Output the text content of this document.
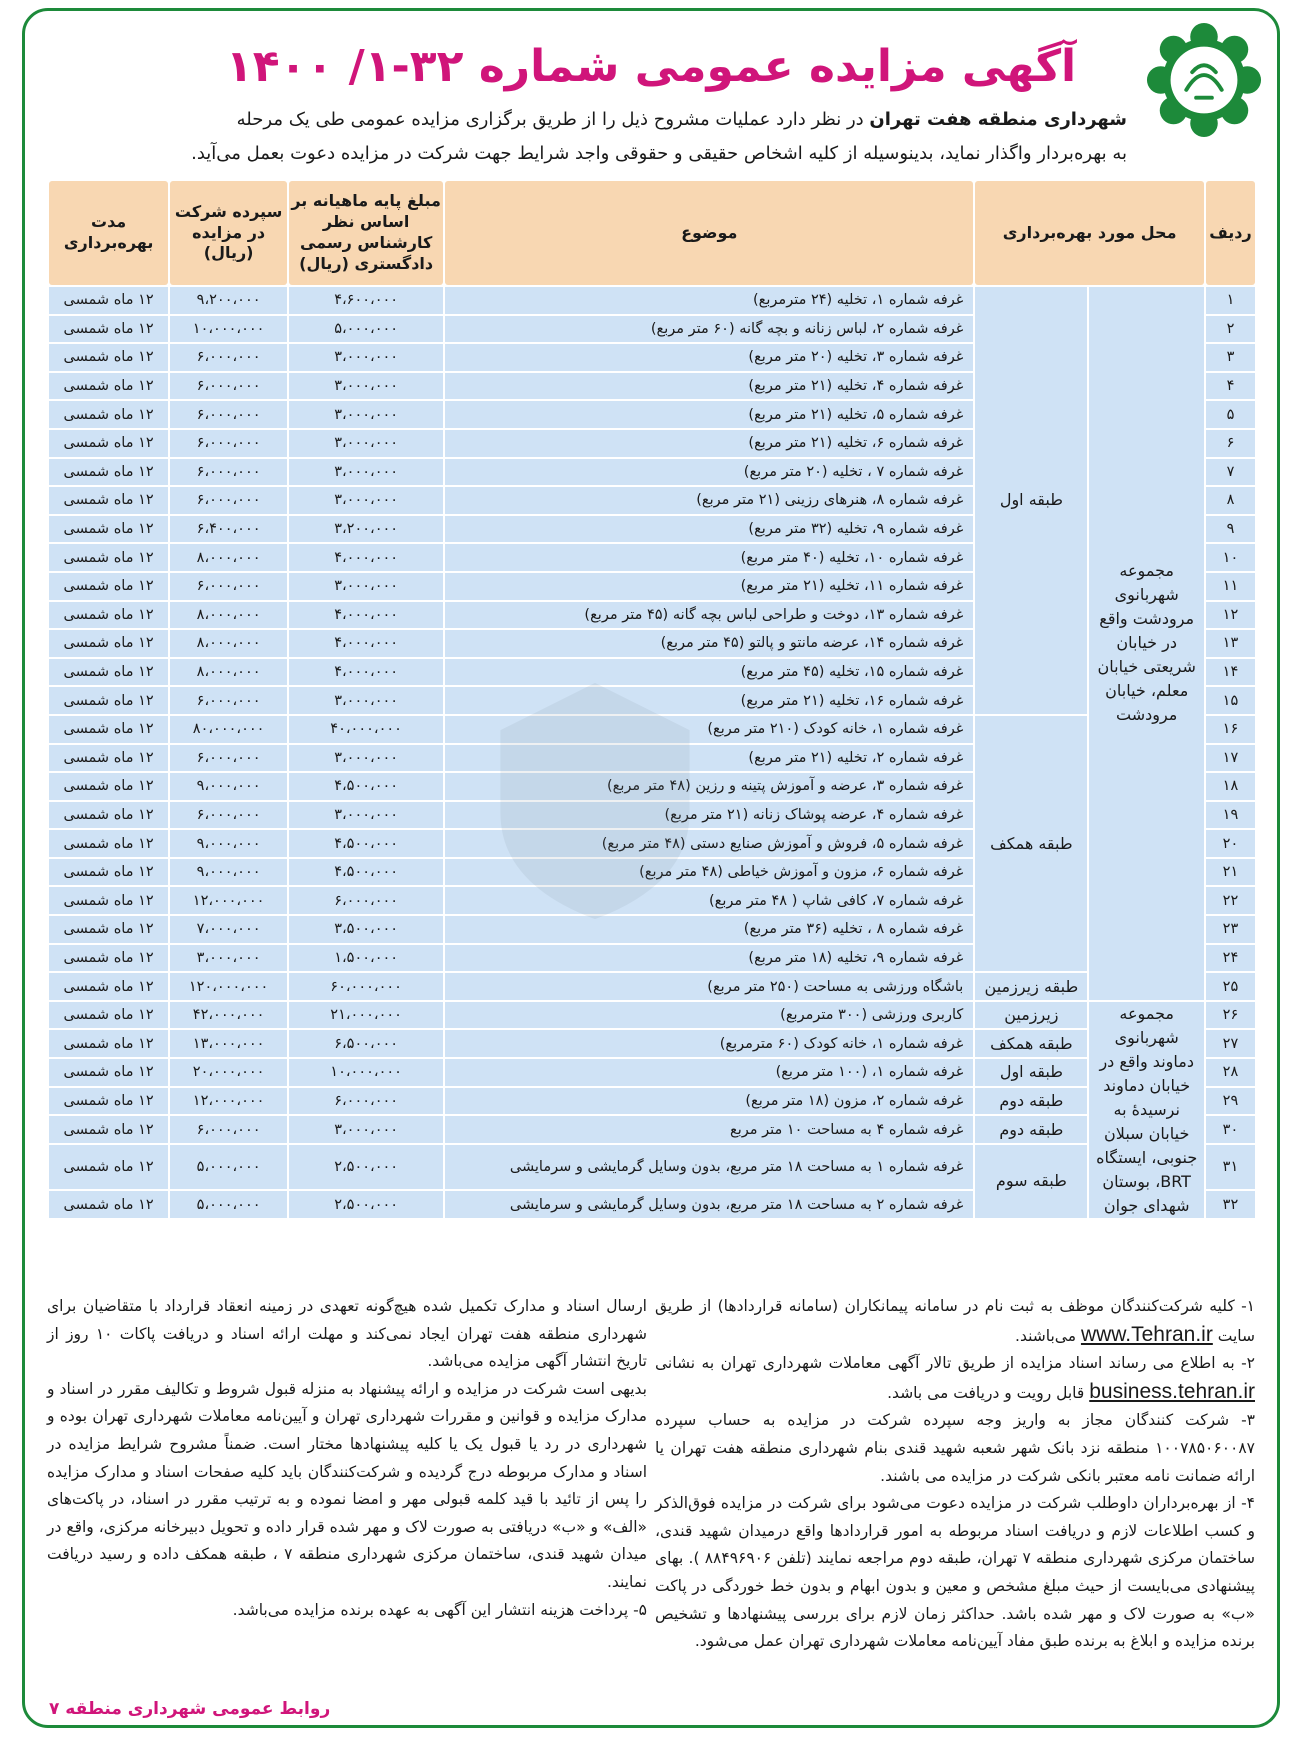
آگهی مزایده عمومی شماره ۳۲-۱/ ۱۴۰۰
شهرداری منطقه هفت تهران در نظر دارد عملیات مشروح ذیل را از طریق برگزاری مزایده عمومی طی یک مرحله
به بهره‌بردار واگذار نماید، بدینوسیله از کلیه اشخاص حقیقی و حقوقی واجد شرایط جهت شرکت در مزایده دعوت بعمل می‌آید.
ردیف	محل مورد بهره‌برداری		موضوع	مبلغ پایه ماهیانه بر اساس نظر کارشناس رسمی دادگستری (ریال)	سپرده شرکت در مزایده (ریال)	مدت بهره‌برداری
۱	مجموعه شهربانوی مرودشت واقع در خیابان شریعتی خیابان معلم، خیابان مرودشت	طبقه اول	غرفه شماره ۱، تخلیه (۲۴ مترمربع)	۴،۶۰۰،۰۰۰	۹،۲۰۰،۰۰۰	۱۲ ماه شمسی
۲			غرفه شماره ۲، لباس زنانه و بچه گانه (۶۰ متر مربع)	۵،۰۰۰،۰۰۰	۱۰،۰۰۰،۰۰۰	۱۲ ماه شمسی
۳			غرفه شماره ۳، تخلیه (۲۰ متر مربع)	۳،۰۰۰،۰۰۰	۶،۰۰۰،۰۰۰	۱۲ ماه شمسی
۴			غرفه شماره ۴، تخلیه (۲۱ متر مربع)	۳،۰۰۰،۰۰۰	۶،۰۰۰،۰۰۰	۱۲ ماه شمسی
۵			غرفه شماره ۵، تخلیه (۲۱ متر مربع)	۳،۰۰۰،۰۰۰	۶،۰۰۰،۰۰۰	۱۲ ماه شمسی
۶			غرفه شماره ۶، تخلیه (۲۱ متر مربع)	۳،۰۰۰،۰۰۰	۶،۰۰۰،۰۰۰	۱۲ ماه شمسی
۷			غرفه شماره ۷ ، تخلیه (۲۰ متر مربع)	۳،۰۰۰،۰۰۰	۶،۰۰۰،۰۰۰	۱۲ ماه شمسی
۸			غرفه شماره ۸، هنرهای رزینی (۲۱ متر مربع)	۳،۰۰۰،۰۰۰	۶،۰۰۰،۰۰۰	۱۲ ماه شمسی
۹			غرفه شماره ۹، تخلیه (۳۲ متر مربع)	۳،۲۰۰،۰۰۰	۶،۴۰۰،۰۰۰	۱۲ ماه شمسی
۱۰			غرفه شماره ۱۰، تخلیه (۴۰ متر مربع)	۴،۰۰۰،۰۰۰	۸،۰۰۰،۰۰۰	۱۲ ماه شمسی
۱۱			غرفه شماره ۱۱، تخلیه (۲۱ متر مربع)	۳،۰۰۰،۰۰۰	۶،۰۰۰،۰۰۰	۱۲ ماه شمسی
۱۲			غرفه شماره ۱۳، دوخت و طراحی لباس بچه گانه (۴۵ متر مربع)	۴،۰۰۰،۰۰۰	۸،۰۰۰،۰۰۰	۱۲ ماه شمسی
۱۳			غرفه شماره ۱۴، عرضه مانتو و پالتو (۴۵ متر مربع)	۴،۰۰۰،۰۰۰	۸،۰۰۰،۰۰۰	۱۲ ماه شمسی
۱۴			غرفه شماره ۱۵، تخلیه (۴۵ متر مربع)	۴،۰۰۰،۰۰۰	۸،۰۰۰،۰۰۰	۱۲ ماه شمسی
۱۵			غرفه شماره ۱۶، تخلیه (۲۱ متر مربع)	۳،۰۰۰،۰۰۰	۶،۰۰۰،۰۰۰	۱۲ ماه شمسی
۱۶		طبقه همکف	غرفه شماره ۱، خانه کودک (۲۱۰ متر مربع)	۴۰،۰۰۰،۰۰۰	۸۰،۰۰۰،۰۰۰	۱۲ ماه شمسی
۱۷			غرفه شماره ۲، تخلیه (۲۱ متر مربع)	۳،۰۰۰،۰۰۰	۶،۰۰۰،۰۰۰	۱۲ ماه شمسی
۱۸			غرفه شماره ۳، عرضه و آموزش پتینه و رزین (۴۸ متر مربع)	۴،۵۰۰،۰۰۰	۹،۰۰۰،۰۰۰	۱۲ ماه شمسی
۱۹			غرفه شماره ۴، عرضه پوشاک زنانه (۲۱ متر مربع)	۳،۰۰۰،۰۰۰	۶،۰۰۰،۰۰۰	۱۲ ماه شمسی
۲۰			غرفه شماره ۵، فروش و آموزش صنایع دستی (۴۸ متر مربع)	۴،۵۰۰،۰۰۰	۹،۰۰۰،۰۰۰	۱۲ ماه شمسی
۲۱			غرفه شماره ۶، مزون و آموزش خیاطی (۴۸ متر مربع)	۴،۵۰۰،۰۰۰	۹،۰۰۰،۰۰۰	۱۲ ماه شمسی
۲۲			غرفه شماره ۷، کافی شاپ ( ۴۸ متر مربع)	۶،۰۰۰،۰۰۰	۱۲،۰۰۰،۰۰۰	۱۲ ماه شمسی
۲۳			غرفه شماره ۸ ، تخلیه (۳۶ متر مربع)	۳،۵۰۰،۰۰۰	۷،۰۰۰،۰۰۰	۱۲ ماه شمسی
۲۴			غرفه شماره ۹، تخلیه (۱۸ متر مربع)	۱،۵۰۰،۰۰۰	۳،۰۰۰،۰۰۰	۱۲ ماه شمسی
۲۵		طبقه زیرزمین	باشگاه ورزشی به مساحت (۲۵۰ متر مربع)	۶۰،۰۰۰،۰۰۰	۱۲۰،۰۰۰،۰۰۰	۱۲ ماه شمسی
۲۶	مجموعه شهربانوی دماوند واقع در خیابان دماوند نرسیدهٔ به خیابان سبلان جنوبی، ایستگاه BRT، بوستان شهدای جوان	زیرزمین	کاربری ورزشی (۳۰۰ مترمربع)	۲۱،۰۰۰،۰۰۰	۴۲،۰۰۰،۰۰۰	۱۲ ماه شمسی
۲۷		طبقه همکف	غرفه شماره ۱، خانه کودک (۶۰ مترمربع)	۶،۵۰۰،۰۰۰	۱۳،۰۰۰،۰۰۰	۱۲ ماه شمسی
۲۸		طبقه اول	غرفه شماره ۱، (۱۰۰ متر مربع)	۱۰،۰۰۰،۰۰۰	۲۰،۰۰۰،۰۰۰	۱۲ ماه شمسی
۲۹		طبقه دوم	غرفه شماره ۲، مزون (۱۸ متر مربع)	۶،۰۰۰،۰۰۰	۱۲،۰۰۰،۰۰۰	۱۲ ماه شمسی
۳۰		طبقه دوم	غرفه شماره ۴ به مساحت ۱۰ متر مربع	۳،۰۰۰،۰۰۰	۶،۰۰۰،۰۰۰	۱۲ ماه شمسی
۳۱		طبقه سوم	غرفه شماره ۱ به مساحت ۱۸ متر مربع، بدون وسایل گرمایشی و سرمایشی	۲،۵۰۰،۰۰۰	۵،۰۰۰،۰۰۰	۱۲ ماه شمسی
۳۲			غرفه شماره ۲ به مساحت ۱۸ متر مربع، بدون وسایل گرمایشی و سرمایشی	۲،۵۰۰،۰۰۰	۵،۰۰۰،۰۰۰	۱۲ ماه شمسی
۱- کلیه شرکت‌کنندگان موظف به ثبت نام در سامانه پیمانکاران (سامانه قراردادها) از طریق سایت www.Tehran.ir می‌باشند.
۲- به اطلاع می رساند اسناد مزایده از طریق تالار آگهی معاملات شهرداری تهران به نشانی business.tehran.ir قابل رویت و دریافت می باشد.
۳- شرکت کنندگان مجاز به واریز وجه سپرده شرکت در مزایده به حساب سپرده ۱۰۰۷۸۵۰۶۰۰۸۷ منطقه نزد بانک شهر شعبه شهید قندی بنام شهرداری منطقه هفت تهران یا ارائه ضمانت نامه معتبر بانکی شرکت در مزایده می باشند.
۴- از بهره‌برداران داوطلب شرکت در مزایده دعوت می‌شود برای شرکت در مزایده فوق‌الذکر و کسب اطلاعات لازم و دریافت اسناد مربوطه به امور قراردادها واقع درمیدان شهید قندی، ساختمان مرکزی شهرداری منطقه ۷ تهران، طبقه دوم مراجعه نمایند (تلفن ۸۸۴۹۶۹۰۶ ). بهای پیشنهادی می‌بایست از حیث مبلغ مشخص و معین و بدون ابهام و بدون خط خوردگی در پاکت «ب» به صورت لاک و مهر شده باشد. حداکثر زمان لازم برای بررسی پیشنهادها و تشخیص برنده مزایده و ابلاغ به برنده طبق مفاد آیین‌نامه معاملات شهرداری تهران عمل می‌شود.
ارسال اسناد و مدارک تکمیل شده هیچ‌گونه تعهدی در زمینه انعقاد قرارداد با متقاضیان برای شهرداری منطقه هفت تهران ایجاد نمی‌کند و مهلت ارائه اسناد و دریافت پاکات ۱۰ روز از تاریخ انتشار آگهی مزایده می‌باشد.
بدیهی است شرکت در مزایده و ارائه پیشنهاد به منزله قبول شروط و تکالیف مقرر در اسناد و مدارک مزایده و قوانین و مقررات شهرداری تهران و آیین‌نامه معاملات شهرداری تهران بوده و شهرداری در رد یا قبول یک یا کلیه پیشنهادها مختار است. ضمناً مشروح شرایط مزایده در اسناد و مدارک مربوطه درج گردیده و شرکت‌کنندگان باید کلیه صفحات اسناد و مدارک مزایده را پس از تائید با قید کلمه قبولی مهر و امضا نموده و به ترتیب مقرر در اسناد، در پاکت‌های «الف» و «ب» دریافتی به صورت لاک و مهر شده قرار داده و تحویل دبیرخانه مرکزی، واقع در میدان شهید قندی، ساختمان مرکزی شهرداری منطقه ۷ ، طبقه همکف داده و رسید دریافت نمایند.
۵- پرداخت هزینه انتشار این آگهی به عهده برنده مزایده می‌باشد.
روابط عمومی شهرداری منطقه ۷
